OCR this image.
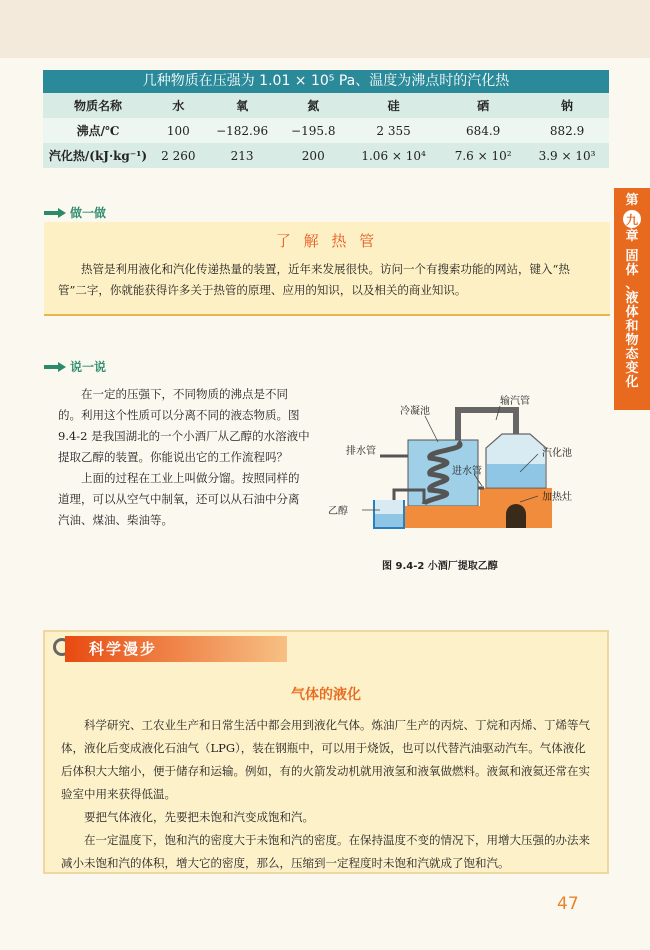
第
九
章
固
体
、
液
体
和
物
态
变
化
几种物质在压强为 1.01 × 10⁵ Pa、温度为沸点时的汽化热
物质名称	水	氧	氮	硅	硒	钠
沸点/℃	100	−182.96	−195.8	2 355	684.9	882.9
汽化热/(kJ·kg⁻¹)	2 260	213	200	1.06 × 10⁴	7.6 × 10²	3.9 × 10³
做一做
了 解 热 管

热管是利用液化和汽化传递热量的装置，近年来发展很快。访问一个有搜索功能的网站，键入“热管”二字，你就能获得许多关于热管的原理、应用的知识，以及相关的商业知识。

说一说

在一定的压强下，不同物质的沸点是不同的。利用这个性质可以分离不同的液态物质。图 9.4-2 是我国湖北的一个小酒厂从乙醇的水溶液中提取乙醇的装置。你能说出它的工作流程吗？

上面的过程在工业上叫做分馏。按照同样的道理，可以从空气中制氧，还可以从石油中分离汽油、煤油、柴油等。

输汽管
冷凝池
排水管	汽化池
进水管
加热灶
乙醇
图 9.4-2 小酒厂提取乙醇
科学漫步
气体的液化

科学研究、工农业生产和日常生活中都会用到液化气体。炼油厂生产的丙烷、丁烷和丙烯、丁烯等气体，液化后变成液化石油气（LPG），装在钢瓶中，可以用于烧饭，也可以代替汽油驱动汽车。气体液化后体积大大缩小，便于储存和运输。例如，有的火箭发动机就用液氢和液氧做燃料。液氮和液氦还常在实验室中用来获得低温。

要把气体液化，先要把未饱和汽变成饱和汽。

在一定温度下，饱和汽的密度大于未饱和汽的密度。在保持温度不变的情况下，用增大压强的办法来减小未饱和汽的体积，增大它的密度，那么，压缩到一定程度时未饱和汽就成了饱和汽。

47
